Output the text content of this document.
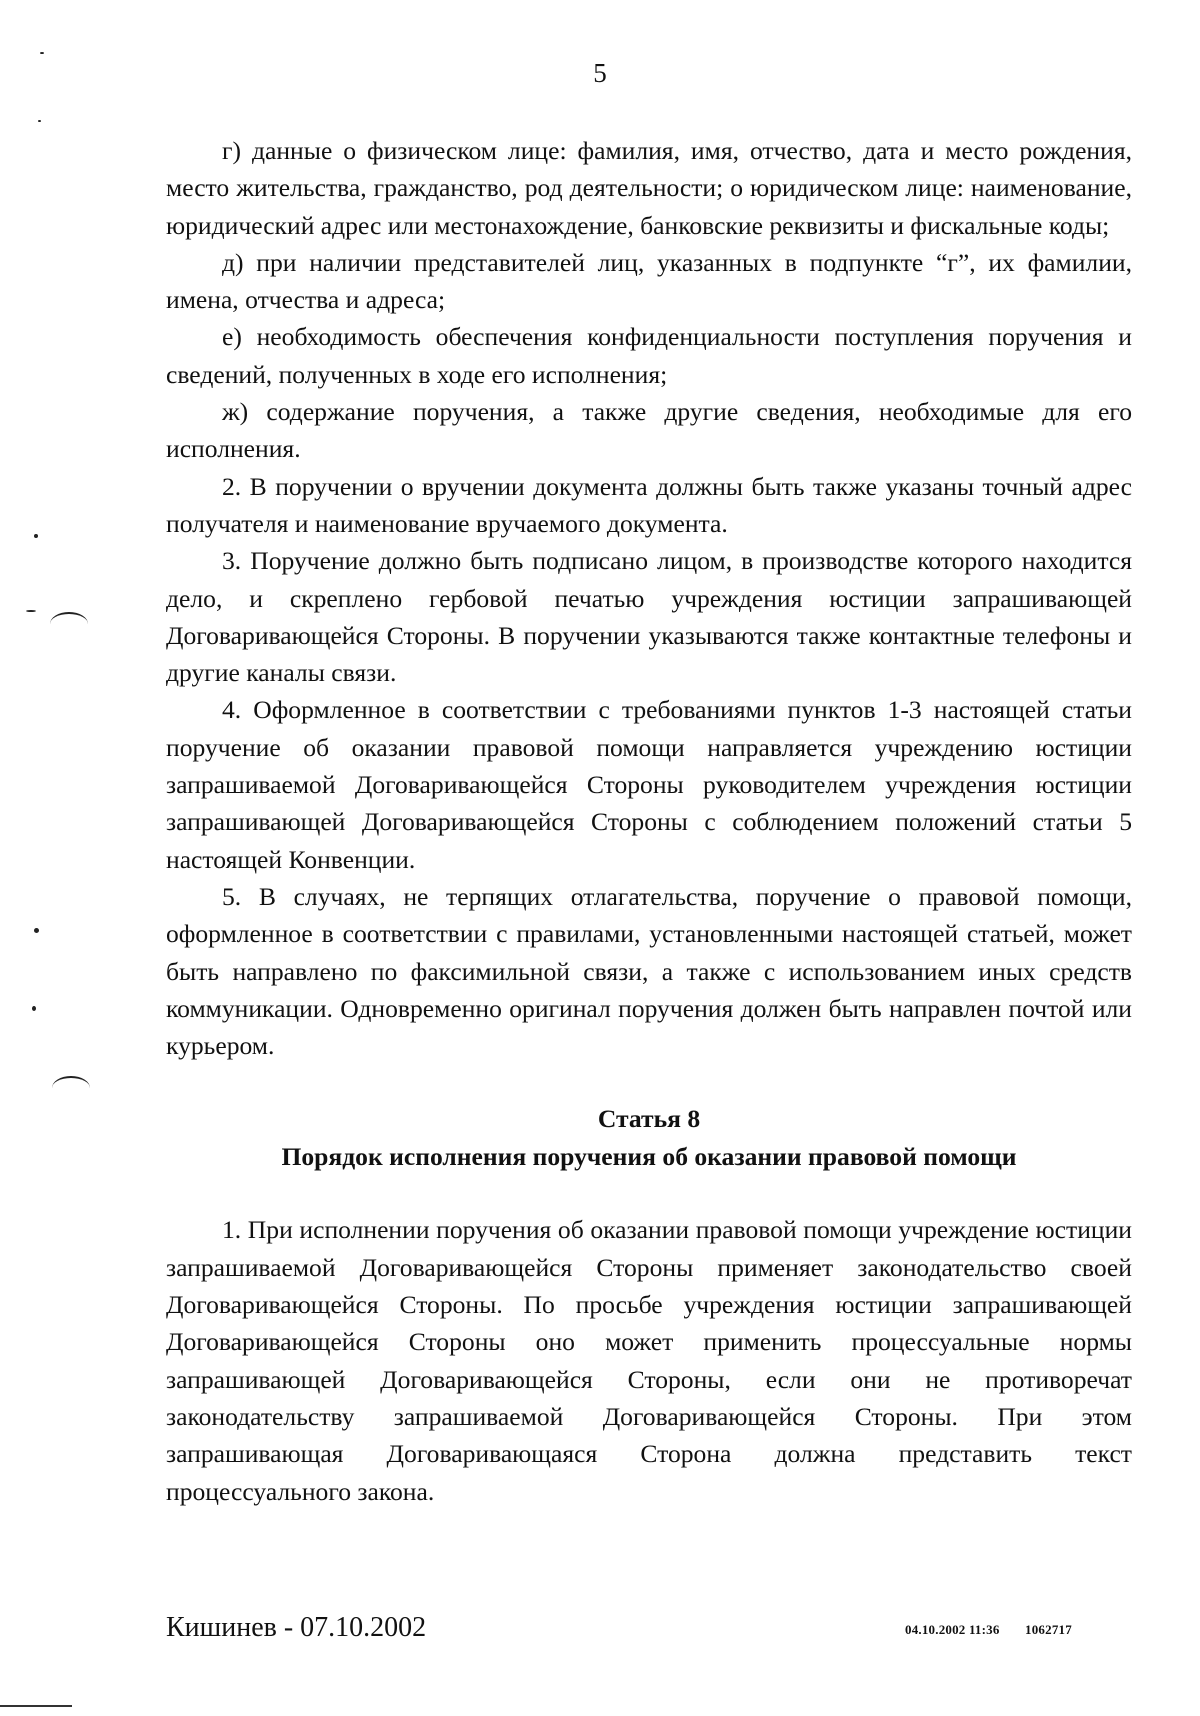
5

г) данные о физическом лице: фамилия, имя, отчество, дата и место рождения, место жительства, гражданство, род деятельности; о юридическом лице: наименование, юридический адрес или местонахождение, банковские реквизиты и фискальные коды;

д) при наличии представителей лиц, указанных в подпункте “г”, их фамилии, имена, отчества и адреса;

е) необходимость обеспечения конфиденциальности поступления поручения и сведений, полученных в ходе его исполнения;

ж) содержание поручения, а также другие сведения, необходимые для его исполнения.

2. В поручении о вручении документа должны быть также указаны точный адрес получателя и наименование вручаемого документа.

3. Поручение должно быть подписано лицом, в производстве которого находится дело, и скреплено гербовой печатью учреждения юстиции запрашивающей Договаривающейся Стороны. В поручении указываются также контактные телефоны и другие каналы связи.

4. Оформленное в соответствии с требованиями пунктов 1-3 настоящей статьи поручение об оказании правовой помощи направляется учреждению юстиции запрашиваемой Договаривающейся Стороны руководителем учреждения юстиции запрашивающей Договаривающейся Стороны с соблюдением положений статьи 5 настоящей Конвенции.

5. В случаях, не терпящих отлагательства, поручение о правовой помощи, оформленное в соответствии с правилами, установленными настоящей статьей, может быть направлено по факсимильной связи, а также с использованием иных средств коммуникации. Одновременно оригинал поручения должен быть направлен почтой или курьером.

Статья 8
Порядок исполнения поручения об оказании правовой помощи

1. При исполнении поручения об оказании правовой помощи учреждение юстиции запрашиваемой Договаривающейся Стороны применяет законодательство своей Договаривающейся Стороны. По просьбе учреждения юстиции запрашивающей Договаривающейся Стороны оно может применить процессуальные нормы запрашивающей Договаривающейся Стороны, если они не противоречат законодательству запрашиваемой Договаривающейся Стороны. При этом запрашивающая Договаривающаяся Сторона должна представить текст процессуального закона.

Кишинев - 07.10.2002	04.10.2002 11:36 1062717
